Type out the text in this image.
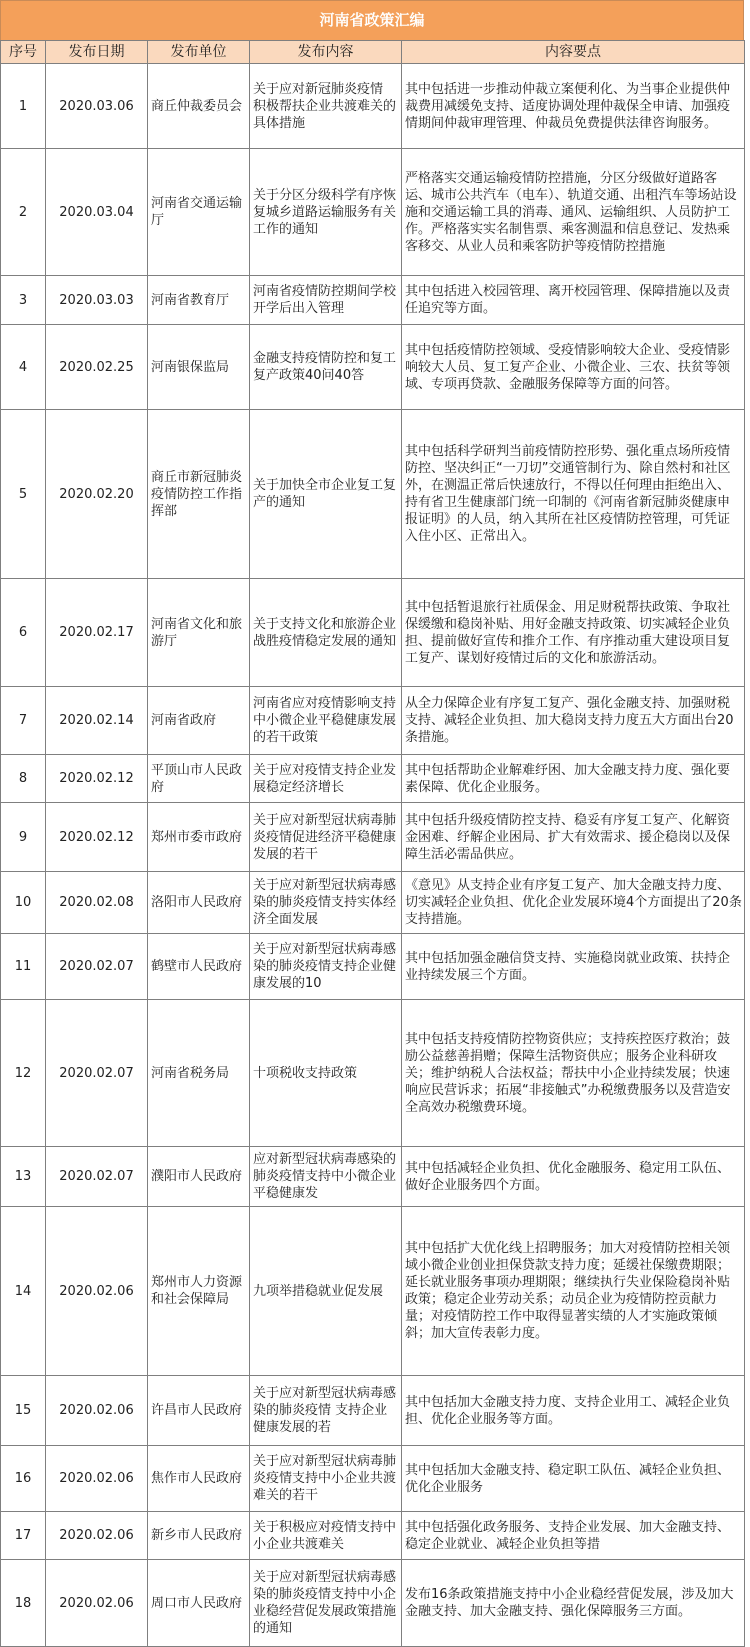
河南省政策汇编
序号	发布日期	发布单位	发布内容	内容要点
1	2020.03.06	商丘仲裁委员会	关于应对新冠肺炎疫情 积极帮扶企业共渡难关的具体措施	其中包括进一步推动仲裁立案便利化、为当事企业提供仲裁费用减缓免支持、适度协调处理仲裁保全申请、加强疫情期间仲裁审理管理、仲裁员免费提供法律咨询服务。
2	2020.03.04	河南省交通运输厅	关于分区分级科学有序恢复城乡道路运输服务有关工作的通知	严格落实交通运输疫情防控措施，分区分级做好道路客运、城市公共汽车（电车）、轨道交通、出租汽车等场站设施和交通运输工具的消毒、通风、运输组织、人员防护工作。严格落实实名制售票、乘客测温和信息登记、发热乘客移交、从业人员和乘客防护等疫情防控措施
3	2020.03.03	河南省教育厅	河南省疫情防控期间学校开学后出入管理	其中包括进入校园管理、离开校园管理、保障措施以及责任追究等方面。
4	2020.02.25	河南银保监局	金融支持疫情防控和复工复产政策40问40答	其中包括疫情防控领域、受疫情影响较大企业、受疫情影响较大人员、复工复产企业、小微企业、三农、扶贫等领域、专项再贷款、金融服务保障等方面的问答。
5	2020.02.20	商丘市新冠肺炎疫情防控工作指挥部	关于加快全市企业复工复产的通知	其中包括科学研判当前疫情防控形势、强化重点场所疫情防控、坚决纠正“一刀切”交通管制行为、除自然村和社区外，在测温正常后快速放行，不得以任何理由拒绝出入、持有省卫生健康部门统一印制的《河南省新冠肺炎健康申报证明》的人员，纳入其所在社区疫情防控管理，可凭证入住小区、正常出入。
6	2020.02.17	河南省文化和旅游厅	关于支持文化和旅游企业战胜疫情稳定发展的通知	其中包括暂退旅行社质保金、用足财税帮扶政策、争取社保缓缴和稳岗补贴、用好金融支持政策、切实减轻企业负担、提前做好宣传和推介工作、有序推动重大建设项目复工复产、谋划好疫情过后的文化和旅游活动。
7	2020.02.14	河南省政府	河南省应对疫情影响支持中小微企业平稳健康发展的若干政策	从全力保障企业有序复工复产、强化金融支持、加强财税支持、减轻企业负担、加大稳岗支持力度五大方面出台20条措施。
8	2020.02.12	平顶山市人民政府	关于应对疫情支持企业发展稳定经济增长	其中包括帮助企业解难纾困、加大金融支持力度、强化要素保障、优化企业服务。
9	2020.02.12	郑州市委市政府	关于应对新型冠状病毒肺炎疫情促进经济平稳健康发展的若干	其中包括升级疫情防控支持、稳妥有序复工复产、化解资金困难、纾解企业困局、扩大有效需求、援企稳岗以及保障生活必需品供应。
10	2020.02.08	洛阳市人民政府	关于应对新型冠状病毒感染的肺炎疫情支持实体经济全面发展	《意见》从支持企业有序复工复产、加大金融支持力度、切实减轻企业负担、优化企业发展环境4个方面提出了20条支持措施。
11	2020.02.07	鹤壁市人民政府	关于应对新型冠状病毒感染的肺炎疫情支持企业健康发展的10	其中包括加强金融信贷支持、实施稳岗就业政策、扶持企业持续发展三个方面。
12	2020.02.07	河南省税务局	十项税收支持政策	其中包括支持疫情防控物资供应；支持疾控医疗救治；鼓励公益慈善捐赠；保障生活物资供应；服务企业科研攻关；维护纳税人合法权益；帮扶中小企业持续发展；快速响应民营诉求；拓展“非接触式”办税缴费服务以及营造安全高效办税缴费环境。
13	2020.02.07	濮阳市人民政府	应对新型冠状病毒感染的肺炎疫情支持中小微企业平稳健康发	其中包括减轻企业负担、优化金融服务、稳定用工队伍、做好企业服务四个方面。
14	2020.02.06	郑州市人力资源和社会保障局	九项举措稳就业促发展	其中包括扩大优化线上招聘服务；加大对疫情防控相关领域小微企业创业担保贷款支持力度；延缓社保缴费期限；延长就业服务事项办理期限；继续执行失业保险稳岗补贴政策；稳定企业劳动关系；动员企业为疫情防控贡献力量；对疫情防控工作中取得显著实绩的人才实施政策倾斜；加大宣传表彰力度。
15	2020.02.06	许昌市人民政府	关于应对新型冠状病毒感染的肺炎疫情 支持企业健康发展的若	其中包括加大金融支持力度、支持企业用工、减轻企业负担、优化企业服务等方面。
16	2020.02.06	焦作市人民政府	关于应对新型冠状病毒肺炎疫情支持中小企业共渡难关的若干	其中包括加大金融支持、稳定职工队伍、减轻企业负担、优化企业服务
17	2020.02.06	新乡市人民政府	关于积极应对疫情支持中小企业共渡难关	其中包括强化政务服务、支持企业发展、加大金融支持、稳定企业就业、减轻企业负担等措
18	2020.02.06	周口市人民政府	关于应对新型冠状病毒感染的肺炎疫情支持中小企业稳经营促发展政策措施的通知	发布16条政策措施支持中小企业稳经营促发展，涉及加大金融支持、加大金融支持、强化保障服务三方面。
